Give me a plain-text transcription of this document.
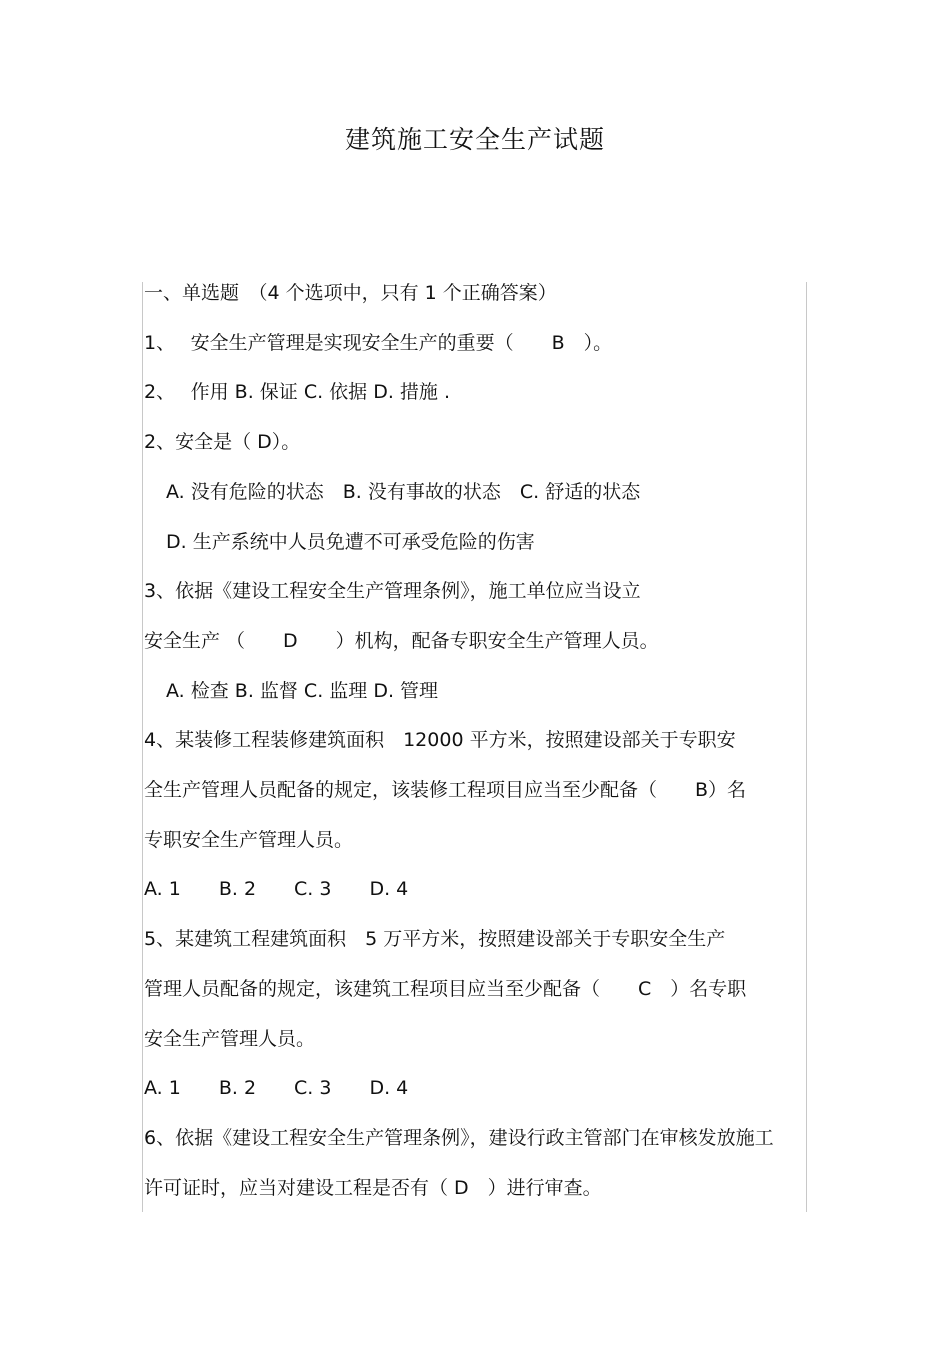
建筑施工安全生产试题
一、单选题　（4 个选项中，只有 1 个正确答案）
1、　 安全生产管理是实现安全生产的重要（　　B　）。
2、　 作用 B. 保证 C. 依据 D. 措施 .
2、安全是（ D）。
A. 没有危险的状态　B. 没有事故的状态　C. 舒适的状态
D. 生产系统中人员免遭不可承受危险的伤害
3、依据《建设工程安全生产管理条例》，施工单位应当设立
安全生产 （　　D　　）机构，配备专职安全生产管理人员。
A. 检查 B. 监督 C. 监理 D. 管理
4、某装修工程装修建筑面积　12000 平方米，按照建设部关于专职安
全生产管理人员配备的规定，该装修工程项目应当至少配备（　　B）名
专职安全生产管理人员。
A. 1　　B. 2　　C. 3　　D. 4
5、某建筑工程建筑面积　5 万平方米，按照建设部关于专职安全生产
管理人员配备的规定，该建筑工程项目应当至少配备（　　C　）名专职
安全生产管理人员。
A. 1　　B. 2　　C. 3　　D. 4
6、依据《建设工程安全生产管理条例》，建设行政主管部门在审核发放施工
许可证时，应当对建设工程是否有（ D　）进行审查。
